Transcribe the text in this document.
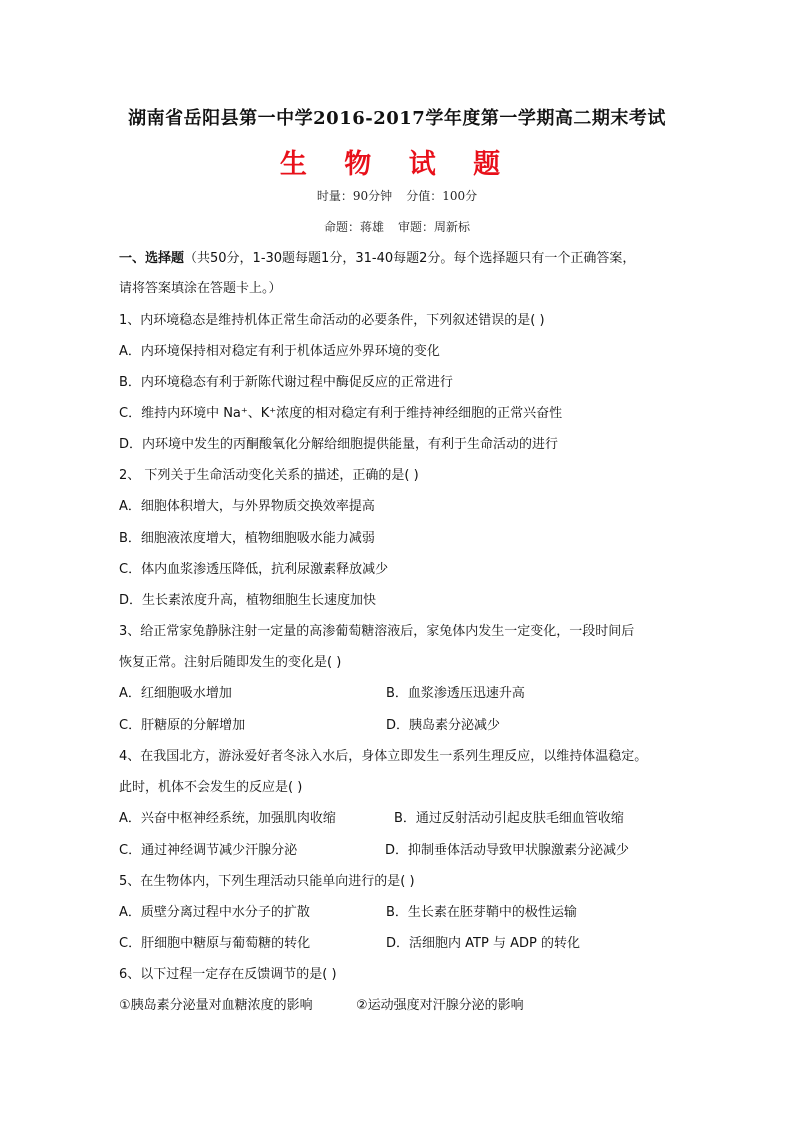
湖南省岳阳县第一中学2016-2017学年度第一学期高二期末考试
生 物 试 题
时量：90分钟 分值：100分
命题：蒋雄 审题：周新标
一、选择题（共50分，1-30题每题1分，31-40每题2分。每个选择题只有一个正确答案，
请将答案填涂在答题卡上。）
1、内环境稳态是维持机体正常生命活动的必要条件，下列叙述错误的是( )
A．内环境保持相对稳定有利于机体适应外界环境的变化
B．内环境稳态有利于新陈代谢过程中酶促反应的正常进行
C．维持内环境中 Na⁺、K⁺浓度的相对稳定有利于维持神经细胞的正常兴奋性
D．内环境中发生的丙酮酸氧化分解给细胞提供能量，有利于生命活动的进行
2、 下列关于生命活动变化关系的描述，正确的是( )
A．细胞体积增大，与外界物质交换效率提高
B．细胞液浓度增大，植物细胞吸水能力减弱
C．体内血浆渗透压降低，抗利尿激素释放减少
D．生长素浓度升高，植物细胞生长速度加快
3、给正常家兔静脉注射一定量的高渗葡萄糖溶液后，家兔体内发生一定变化，一段时间后
恢复正常。注射后随即发生的变化是( )
A．红细胞吸水增加	B．血浆渗透压迅速升高
C．肝糖原的分解增加	D．胰岛素分泌减少
4、在我国北方，游泳爱好者冬泳入水后，身体立即发生一系列生理反应，以维持体温稳定。
此时，机体不会发生的反应是( )
A．兴奋中枢神经系统，加强肌肉收缩	B．通过反射活动引起皮肤毛细血管收缩
C．通过神经调节减少汗腺分泌	D．抑制垂体活动导致甲状腺激素分泌减少
5、在生物体内，下列生理活动只能单向进行的是( )
A．质壁分离过程中水分子的扩散	B．生长素在胚芽鞘中的极性运输
C．肝细胞中糖原与葡萄糖的转化	D．活细胞内 ATP 与 ADP 的转化
6、以下过程一定存在反馈调节的是( )
①胰岛素分泌量对血糖浓度的影响	②运动强度对汗腺分泌的影响
